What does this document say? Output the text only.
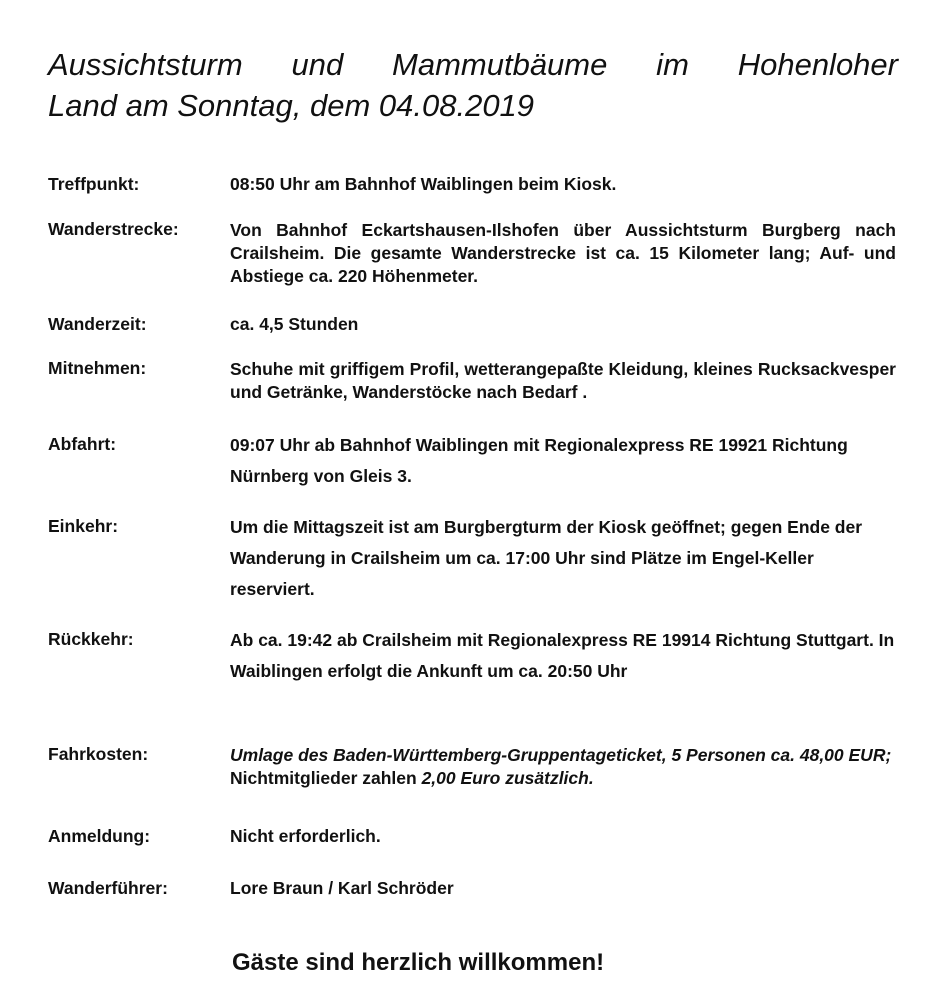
Aussichtsturm und Mammutbäume im Hohenloher
Land am Sonntag, dem 04.08.2019
Treffpunkt:	08:50 Uhr am Bahnhof Waiblingen beim Kiosk.
Wanderstrecke:	Von Bahnhof Eckartshausen-Ilshofen über Aussichtsturm Burgberg nach Crailsheim. Die gesamte Wanderstrecke ist ca. 15 Kilometer lang; Auf- und Abstiege ca. 220 Höhenmeter.
Wanderzeit:	ca. 4,5 Stunden
Mitnehmen:	Schuhe mit griffigem Profil, wetterangepaßte Kleidung, kleines Rucksackvesper und Getränke, Wanderstöcke nach Bedarf .
Abfahrt:	09:07 Uhr ab Bahnhof Waiblingen mit Regionalexpress RE 19921 Richtung Nürnberg von Gleis 3.
Einkehr:	Um die Mittagszeit ist am Burgbergturm der Kiosk geöffnet; gegen Ende der Wanderung in Crailsheim um ca. 17:00 Uhr sind Plätze im Engel-Keller reserviert.
Rückkehr:	Ab ca. 19:42 ab Crailsheim mit Regionalexpress RE 19914 Richtung Stuttgart. In Waiblingen erfolgt die Ankunft um ca. 20:50 Uhr
Fahrkosten:	Umlage des Baden-Württemberg-Gruppentageticket, 5 Personen ca. 48,00 EUR; Nichtmitglieder zahlen 2,00 Euro zusätzlich.
Anmeldung:	Nicht erforderlich.
Wanderführer:	Lore Braun / Karl Schröder
Gäste sind herzlich willkommen!
